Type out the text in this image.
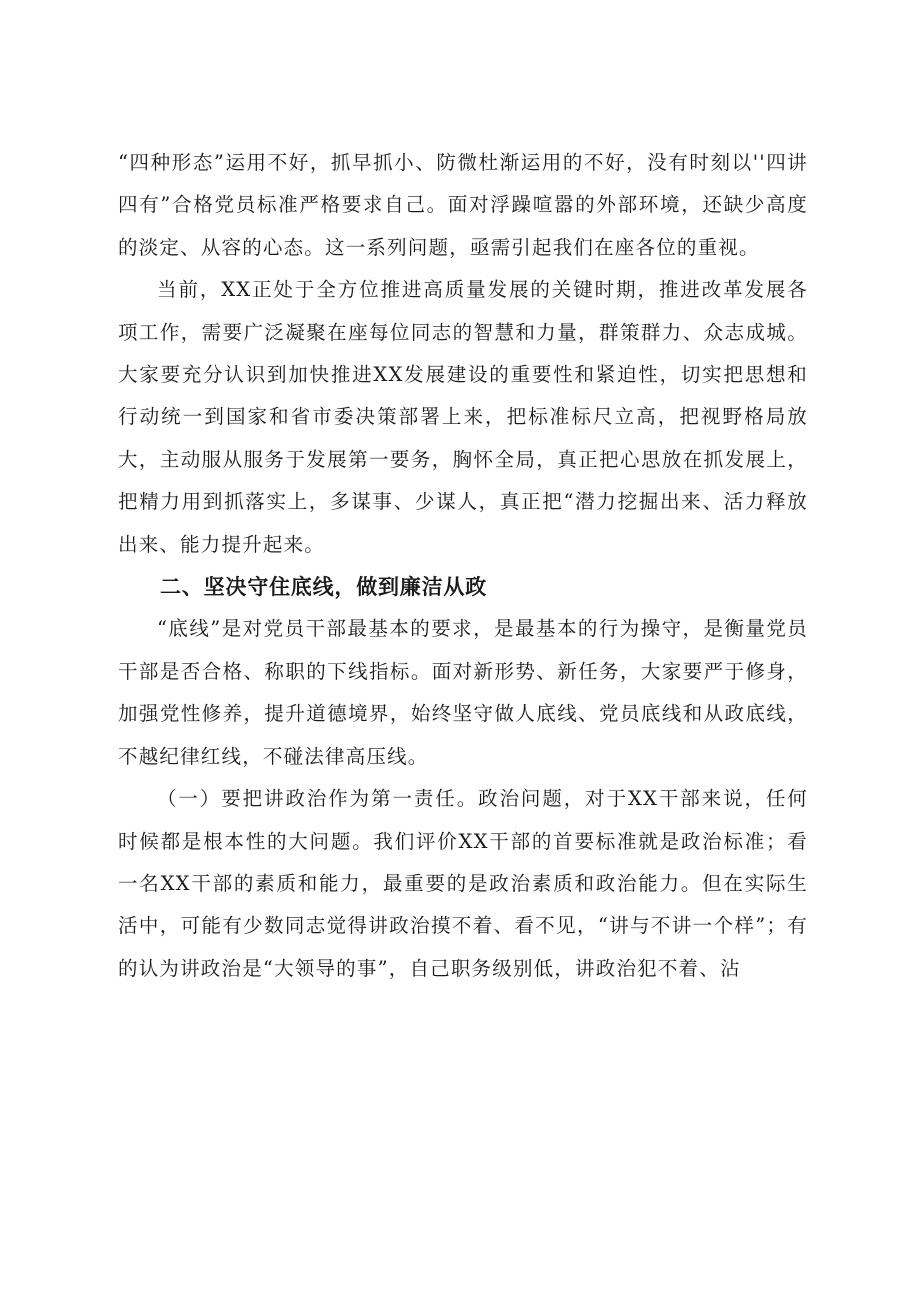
“四种形态”运用不好，抓早抓小、防微杜渐运用的不好，没有时刻以''四讲四有”合格党员标准严格要求自己。面对浮躁喧嚣的外部环境，还缺少高度的淡定、从容的心态。这一系列问题，亟需引起我们在座各位的重视。

当前，XX正处于全方位推进高质量发展的关键时期，推进改革发展各项工作，需要广泛凝聚在座每位同志的智慧和力量，群策群力、众志成城。大家要充分认识到加快推进XX发展建设的重要性和紧迫性，切实把思想和行动统一到国家和省市委决策部署上来，把标准标尺立高，把视野格局放大，主动服从服务于发展第一要务，胸怀全局，真正把心思放在抓发展上，把精力用到抓落实上，多谋事、少谋人，真正把“潜力挖掘出来、活力释放出来、能力提升起来。

二、坚决守住底线，做到廉洁从政

“底线”是对党员干部最基本的要求，是最基本的行为操守，是衡量党员干部是否合格、称职的下线指标。面对新形势、新任务，大家要严于修身，加强党性修养，提升道德境界，始终坚守做人底线、党员底线和从政底线，不越纪律红线，不碰法律高压线。

（一）要把讲政治作为第一责任。政治问题，对于XX干部来说，任何时候都是根本性的大问题。我们评价XX干部的首要标准就是政治标准；看一名XX干部的素质和能力，最重要的是政治素质和政治能力。但在实际生活中，可能有少数同志觉得讲政治摸不着、看不见，“讲与不讲一个样”；有的认为讲政治是“大领导的事”，自己职务级别低，讲政治犯不着、沾
